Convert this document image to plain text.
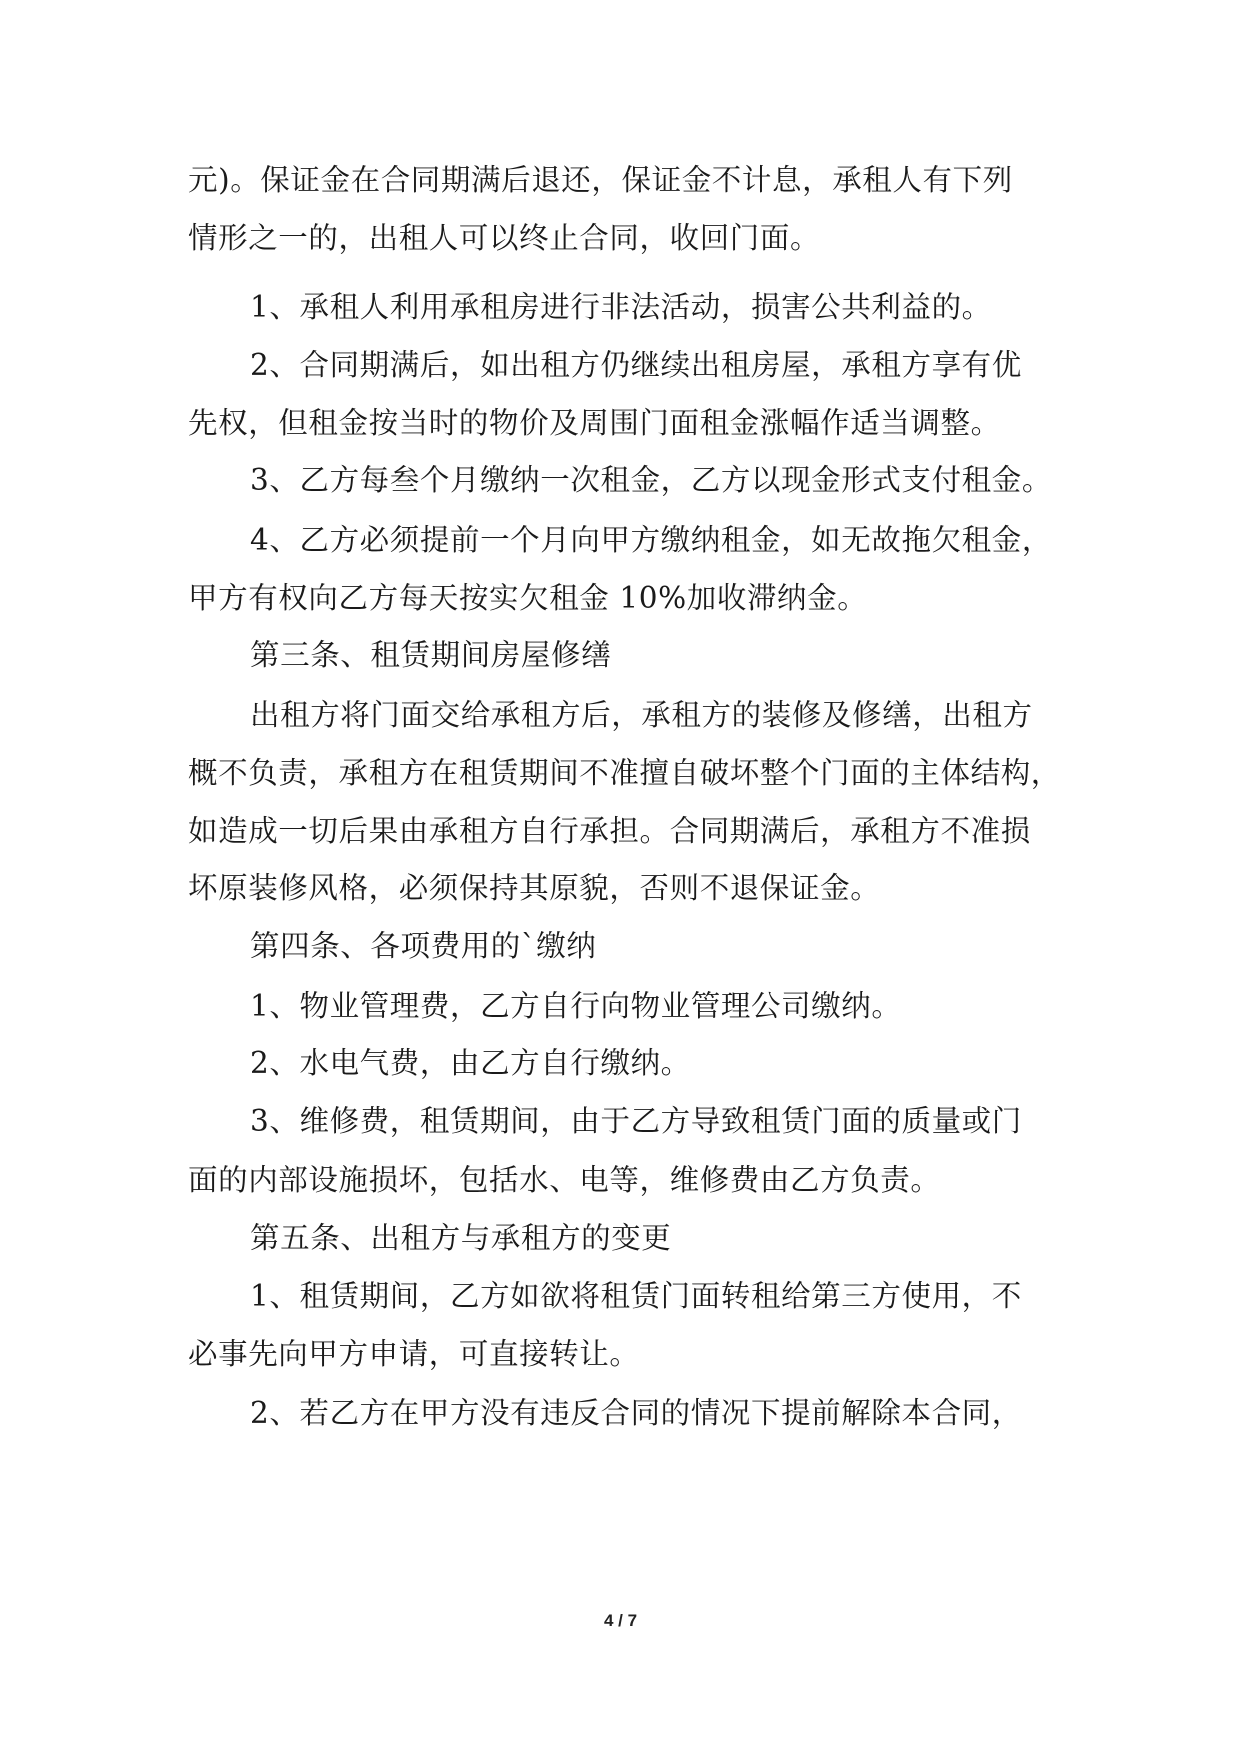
元)。保证金在合同期满后退还，保证金不计息，承租人有下列
情形之一的，出租人可以终止合同，收回门面。
1、承租人利用承租房进行非法活动，损害公共利益的。
2、合同期满后，如出租方仍继续出租房屋，承租方享有优
先权，但租金按当时的物价及周围门面租金涨幅作适当调整。
3、乙方每叁个月缴纳一次租金，乙方以现金形式支付租金。
4、乙方必须提前一个月向甲方缴纳租金，如无故拖欠租金，
甲方有权向乙方每天按实欠租金 10%加收滞纳金。
第三条、租赁期间房屋修缮
出租方将门面交给承租方后，承租方的装修及修缮，出租方
概不负责，承租方在租赁期间不准擅自破坏整个门面的主体结构，
如造成一切后果由承租方自行承担。合同期满后，承租方不准损
坏原装修风格，必须保持其原貌，否则不退保证金。
第四条、各项费用的`缴纳
1、物业管理费，乙方自行向物业管理公司缴纳。
2、水电气费，由乙方自行缴纳。
3、维修费，租赁期间，由于乙方导致租赁门面的质量或门
面的内部设施损坏，包括水、电等，维修费由乙方负责。
第五条、出租方与承租方的变更
1、租赁期间，乙方如欲将租赁门面转租给第三方使用，不
必事先向甲方申请，可直接转让。
2、若乙方在甲方没有违反合同的情况下提前解除本合同，
4 / 7
